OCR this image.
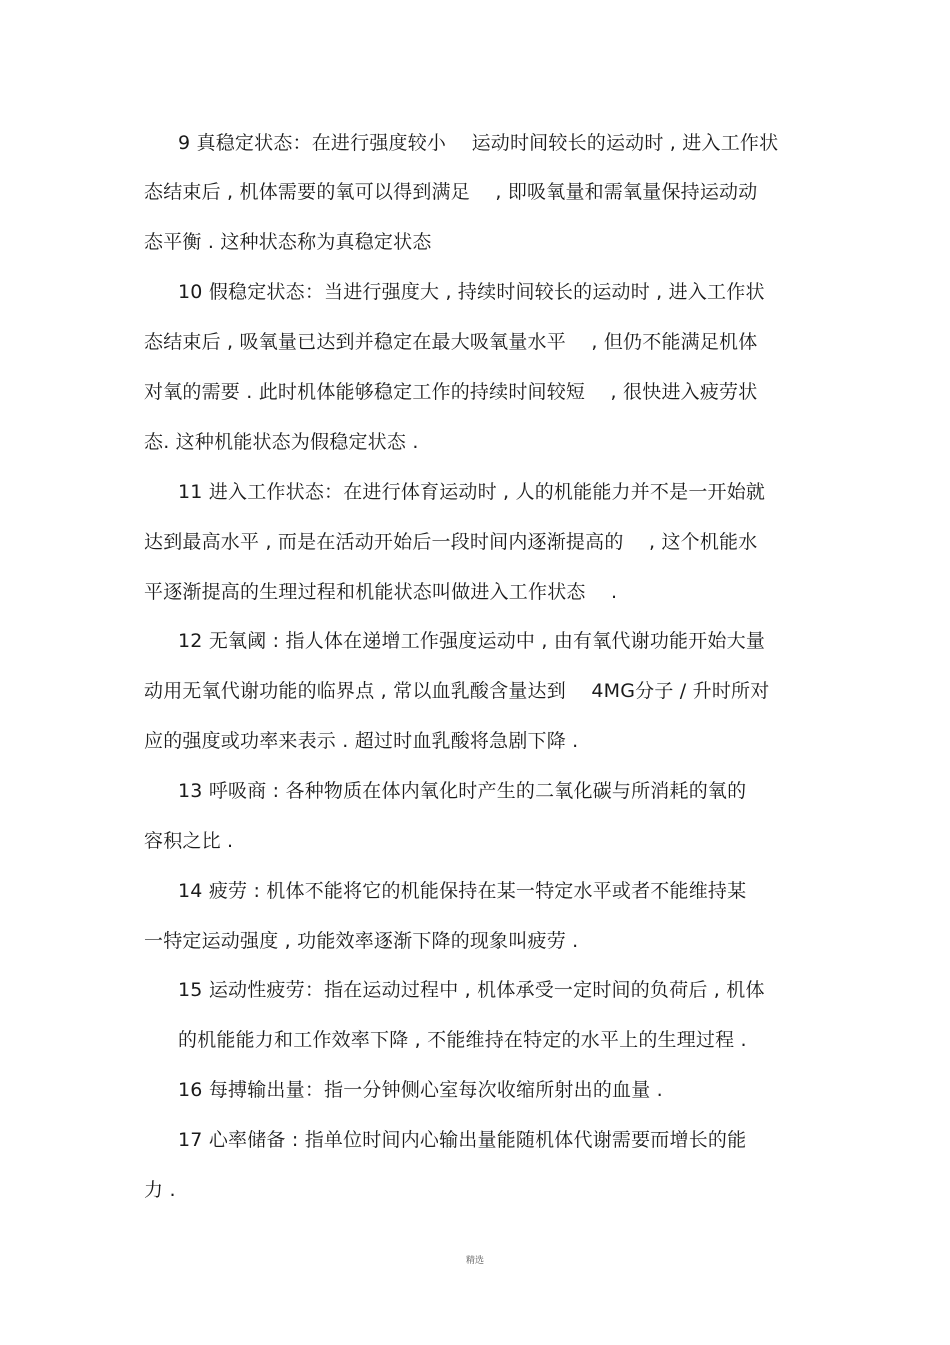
9 真稳定状态：在进行强度较小　 运动时间较长的运动时 , 进入工作状
态结束后 , 机体需要的氧可以得到满足　 , 即吸氧量和需氧量保持运动动
态平衡 . 这种状态称为真稳定状态
10 假稳定状态：当进行强度大 , 持续时间较长的运动时 , 进入工作状
态结束后 , 吸氧量已达到并稳定在最大吸氧量水平　 , 但仍不能满足机体
对氧的需要 . 此时机体能够稳定工作的持续时间较短　 , 很快进入疲劳状
态. 这种机能状态为假稳定状态 .
11 进入工作状态：在进行体育运动时 , 人的机能能力并不是一开始就
达到最高水平 , 而是在活动开始后一段时间内逐渐提高的　 , 这个机能水
平逐渐提高的生理过程和机能状态叫做进入工作状态　 .
12 无氧阈 : 指人体在递增工作强度运动中 , 由有氧代谢功能开始大量
动用无氧代谢功能的临界点 , 常以血乳酸含量达到　 4MG分子 / 升时所对
应的强度或功率来表示 . 超过时血乳酸将急剧下降 .
13 呼吸商 : 各种物质在体内氧化时产生的二氧化碳与所消耗的氧的
容积之比 .
14 疲劳 : 机体不能将它的机能保持在某一特定水平或者不能维持某
一特定运动强度 , 功能效率逐渐下降的现象叫疲劳 .
15 运动性疲劳：指在运动过程中 , 机体承受一定时间的负荷后 , 机体
的机能能力和工作效率下降 , 不能维持在特定的水平上的生理过程 .
16 每搏输出量：指一分钟侧心室每次收缩所射出的血量 .
17 心率储备 : 指单位时间内心输出量能随机体代谢需要而增长的能
力 .
精选
